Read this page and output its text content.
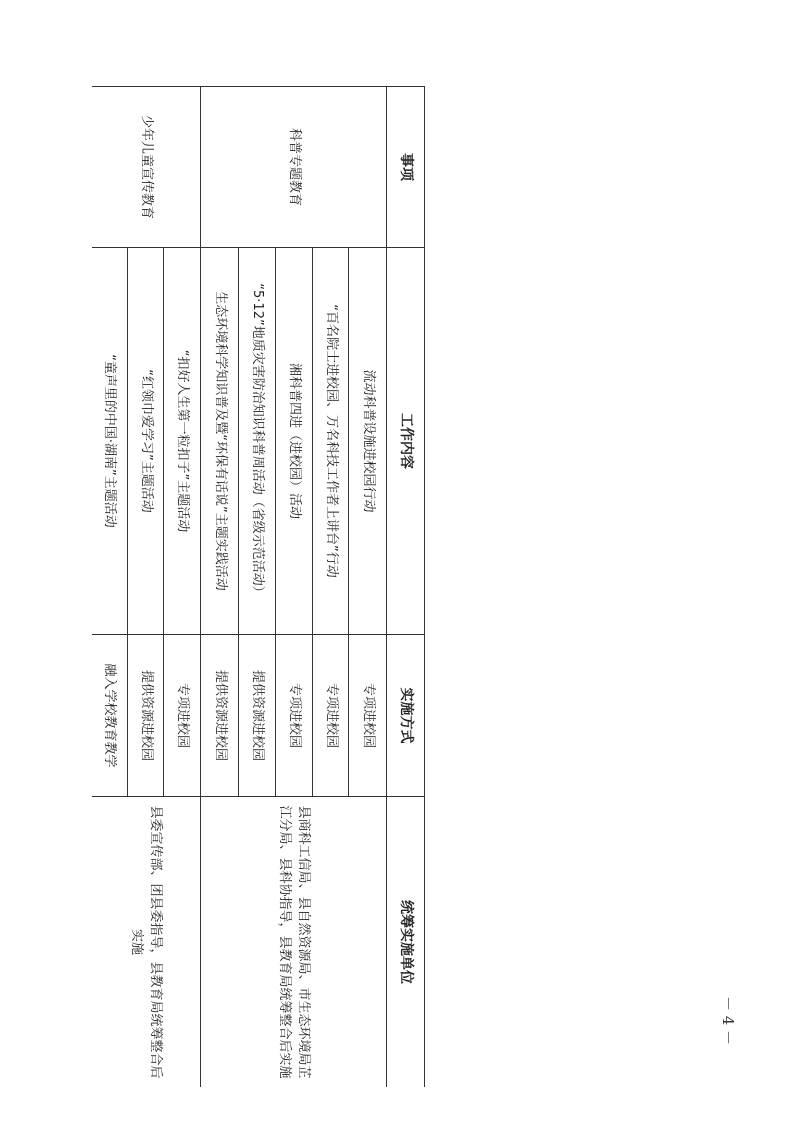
事项	工作内容	实施方式	统筹实施单位
科普专题教育	流动科普设施进校园行动	专项进校园	县商科工信局、县自然资源局、市生态环境局芷江分局、县科协指导，县教育局统筹整合后实施
	“百名院士进校园、万名科技工作者上讲台”行动	专项进校园	
	湘科普四进（进校园）活动	专项进校园	
	“5·12”地质灾害防治知识科普周活动（省级示范活动）	提供资源进校园	
	生态环境科学知识普及暨“环保有话说”主题实践活动	提供资源进校园	
少年儿童宣传教育	“扣好人生第一粒扣子”主题活动	专项进校园	县委宣传部、团县委指导，县教育局统筹整合后实施
	“红领巾爱学习”主题活动	提供资源进校园	
	“童声里的中国·湖南”主题活动	融入学校教育教学	
－ 4 －
